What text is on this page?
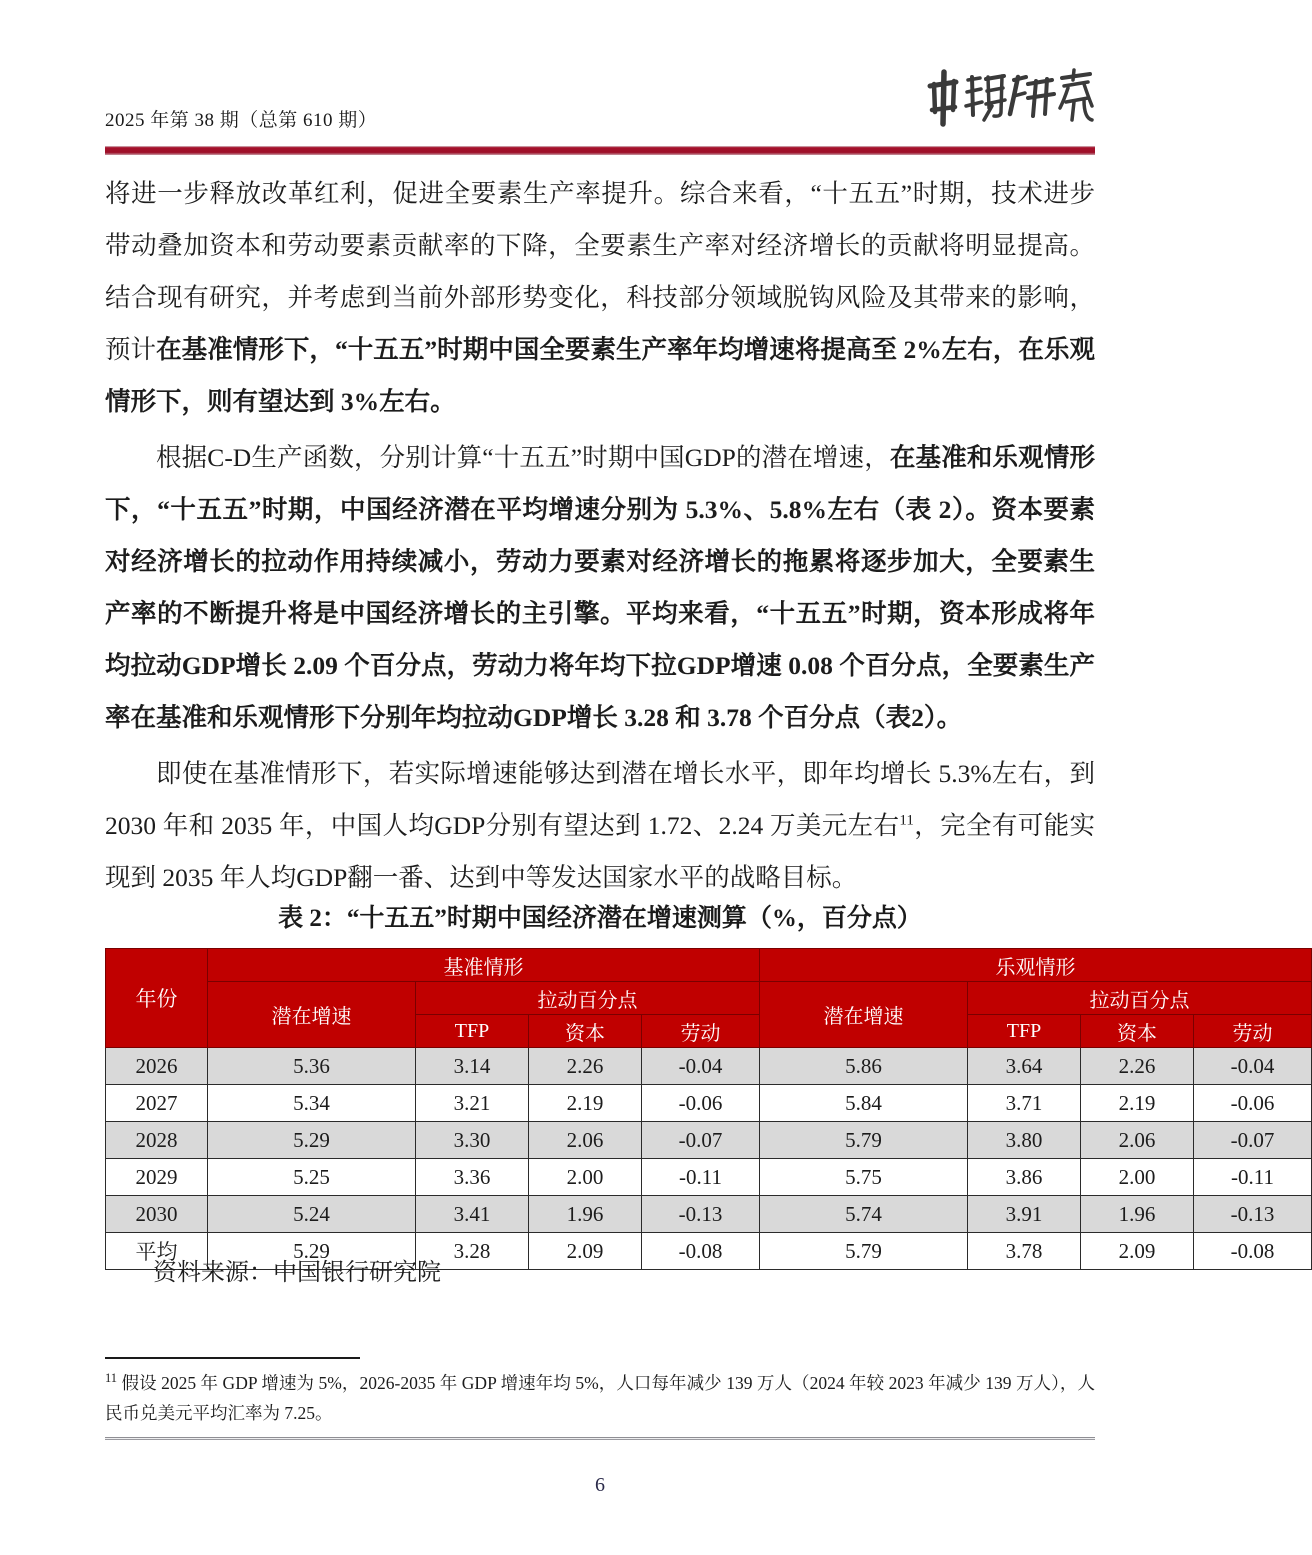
2025 年第 38 期（总第 610 期）

将进一步释放改革红利，促进全要素生产率提升。综合来看，“十五五”时期，技术进步带动叠加资本和劳动要素贡献率的下降，全要素生产率对经济增长的贡献将明显提高。结合现有研究，并考虑到当前外部形势变化，科技部分领域脱钩风险及其带来的影响，预计在基准情形下，“十五五”时期中国全要素生产率年均增速将提高至 2%左右，在乐观情形下，则有望达到 3%左右。

根据C-D生产函数，分别计算“十五五”时期中国GDP的潜在增速，在基准和乐观情形下，“十五五”时期，中国经济潜在平均增速分别为 5.3%、5.8%左右（表 2）。资本要素对经济增长的拉动作用持续减小，劳动力要素对经济增长的拖累将逐步加大，全要素生产率的不断提升将是中国经济增长的主引擎。平均来看，“十五五”时期，资本形成将年均拉动GDP增长 2.09 个百分点，劳动力将年均下拉GDP增速 0.08 个百分点，全要素生产率在基准和乐观情形下分别年均拉动GDP增长 3.28 和 3.78 个百分点（表2）。

即使在基准情形下，若实际增速能够达到潜在增长水平，即年均增长 5.3%左右，到 2030 年和 2035 年，中国人均GDP分别有望达到 1.72、2.24 万美元左右$^{11}$，完全有可能实现到 2035 年人均GDP翻一番、达到中等发达国家水平的战略目标。

表 2：“十五五”时期中国经济潜在增速测算（%，百分点）
年份	基准情形				乐观情形			
	潜在增速	拉动百分点			潜在增速	拉动百分点		
		TFP	资本	劳动		TFP	资本	劳动
2026	5.36	3.14	2.26	-0.04	5.86	3.64	2.26	-0.04
2027	5.34	3.21	2.19	-0.06	5.84	3.71	2.19	-0.06
2028	5.29	3.30	2.06	-0.07	5.79	3.80	2.06	-0.07
2029	5.25	3.36	2.00	-0.11	5.75	3.86	2.00	-0.11
2030	5.24	3.41	1.96	-0.13	5.74	3.91	1.96	-0.13
平均	5.29	3.28	2.09	-0.08	5.79	3.78	2.09	-0.08
资料来源：中国银行研究院
$^{11}$ 假设 2025 年 GDP 增速为 5%，2026-2035 年 GDP 增速年均 5%，人口每年减少 139 万人（2024 年较 2023 年减少 139 万人），人民币兑美元平均汇率为 7.25。
6
